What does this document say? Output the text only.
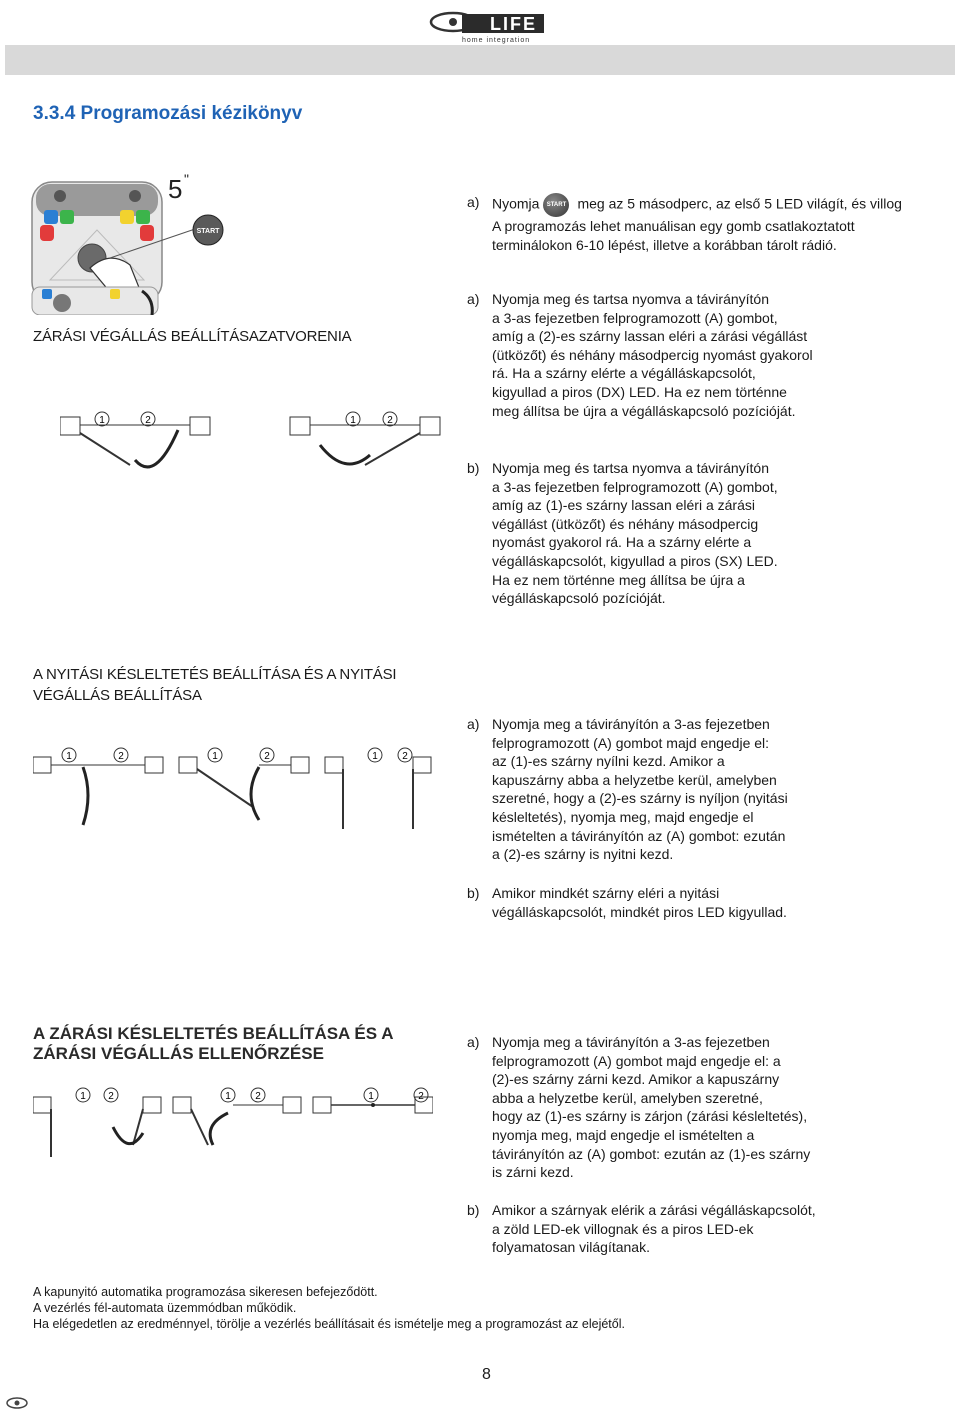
LIFE
home integration
3.3.4 Programozási kézikönyv
5 "
START
a) Nyomja START meg az 5 másodperc, az első 5 LED világít, és villog
A programozás lehet manuálisan egy gomb csatlakoztatott
terminálokon 6-10 lépést, illetve a korábban tárolt rádió.
ZÁRÁSI VÉGÁLLÁS BEÁLLÍTÁSAZATVORENIA
1	2	1	2
a) Nyomja meg és tartsa nyomva a távirányítón
a 3-as fejezetben felprogramozott (A) gombot,
amíg a (2)-es szárny lassan eléri a zárási végállást
(ütközőt) és néhány másodpercig nyomást gyakorol
rá. Ha a szárny elérte a végálláskapcsolót,
kigyullad a piros (DX) LED. Ha ez nem történne
meg állítsa be újra a végálláskapcsoló pozícióját.
b) Nyomja meg és tartsa nyomva a távirányítón
a 3-as fejezetben felprogramozott (A) gombot,
amíg az (1)-es szárny lassan eléri a zárási
végállást (ütközőt) és néhány másodpercig
nyomást gyakorol rá. Ha a szárny elérte a
végálláskapcsolót, kigyullad a piros (SX) LED.
Ha ez nem történne meg állítsa be újra a
végálláskapcsoló pozícióját.
A NYITÁSI KÉSLELTETÉS BEÁLLÍTÁSA ÉS A NYITÁSI
VÉGÁLLÁS BEÁLLÍTÁSA
1	2	1	2	1 2
a) Nyomja meg a távirányítón a 3-as fejezetben
felprogramozott (A) gombot majd engedje el:
az (1)-es szárny nyílni kezd. Amikor a
kapuszárny abba a helyzetbe kerül, amelyben
szeretné, hogy a (2)-es szárny is nyíljon (nyitási
késleltetés), nyomja meg, majd engedje el
ismételten a távirányítón az (A) gombot: ezután
a (2)-es szárny is nyitni kezd.
b) Amikor mindkét szárny eléri a nyitási
végálláskapcsolót, mindkét piros LED kigyullad.
A ZÁRÁSI KÉSLELTETÉS BEÁLLÍTÁSA ÉS A
ZÁRÁSI VÉGÁLLÁS ELLENŐRZÉSE
1 2	1 2	1	2
a) Nyomja meg a távirányítón a 3-as fejezetben
felprogramozott (A) gombot majd engedje el: a
(2)-es szárny zárni kezd. Amikor a kapuszárny
abba a helyzetbe kerül, amelyben szeretné,
hogy az (1)-es szárny is zárjon (zárási késleltetés),
nyomja meg, majd engedje el ismételten a
távirányítón az (A) gombot: ezután az (1)-es szárny
is zárni kezd.
b) Amikor a szárnyak elérik a zárási végálláskapcsolót,
a zöld LED-ek villognak és a piros LED-ek
folyamatosan világítanak.
A kapunyitó automatika programozása sikeresen befejeződött.
A vezérlés fél-automata üzemmódban működik.
Ha elégedetlen az eredménnyel, törölje a vezérlés beállításait és ismételje meg a programozást az elejétől.
8
